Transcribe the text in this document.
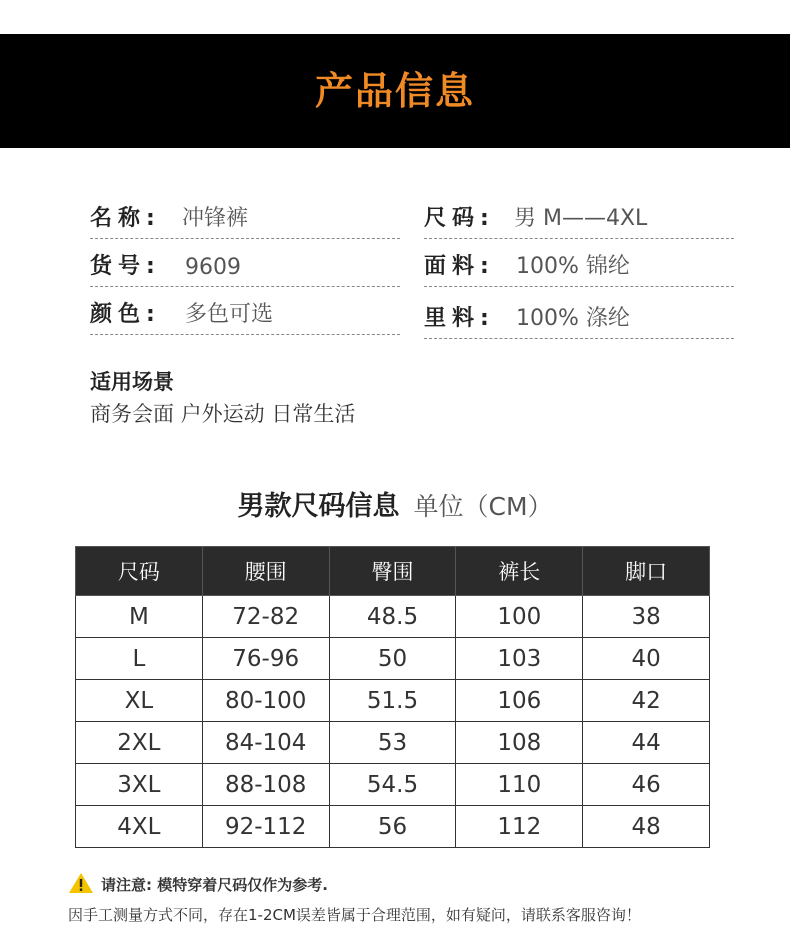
产品信息
名称: 冲锋裤
货号: 9609
颜色: 多色可选
尺码: 男 M——4XL
面料: 100% 锦纶
里料: 100% 涤纶
适用场景
商务会面 户外运动 日常生活
男款尺码信息 单位（CM）
尺码	腰围	臀围	裤长	脚口
M	72-82	48.5	100	38
L	76-96	50	103	40
XL	80-100	51.5	106	42
2XL	84-104	53	108	44
3XL	88-108	54.5	110	46
4XL	92-112	56	112	48
请注意: 模特穿着尺码仅作为参考.
因手工测量方式不同，存在1-2CM误差皆属于合理范围，如有疑问，请联系客服咨询！
